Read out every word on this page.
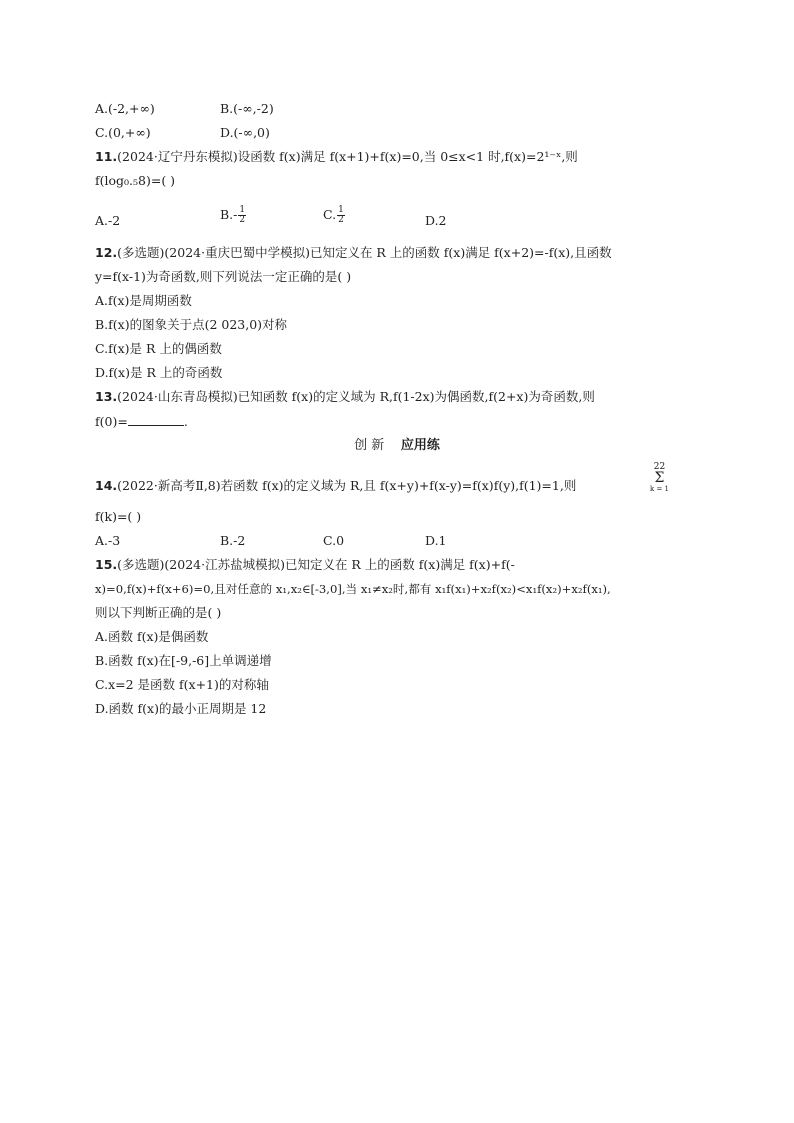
A.(-2,+∞)	B.(-∞,-2)
C.(0,+∞)	D.(-∞,0)
11.(2024·辽宁丹东模拟)设函数 f(x)满足 f(x+1)+f(x)=0,当 0≤x<1 时,f(x)=2¹⁻ˣ,则
f(log₀.₅8)=( )
A.-2	$B.- \frac{1}{2}$	C. $\frac{1}{2}$	D.2
12.(多选题)(2024·重庆巴蜀中学模拟)已知定义在 R 上的函数 f(x)满足 f(x+2)=-f(x),且函数
y=f(x-1)为奇函数,则下列说法一定正确的是( )
A.f(x)是周期函数
B.f(x)的图象关于点(2 023,0)对称
C.f(x)是 R 上的偶函数
D.f(x)是 R 上的奇函数
13.(2024·山东青岛模拟)已知函数 f(x)的定义域为 R,f(1-2x)为偶函数,f(2+x)为奇函数,则
f(0)=	.
创 新 应用练
14.(2022·新高考Ⅱ,8)若函数 f(x)的定义域为 R,且 f(x+y)+f(x-y)=f(x)f(y),f(1)=1,则
22
Σ
k = 1
f(k)=( )
A.-3	B.-2	C.0	D.1
15.(多选题)(2024·江苏盐城模拟)已知定义在 R 上的函数 f(x)满足 f(x)+f(-
x)=0,f(x)+f(x+6)=0,且对任意的 x₁,x₂∈[-3,0],当 x₁≠x₂时,都有 x₁f(x₁)+x₂f(x₂)<x₁f(x₂)+x₂f(x₁),
则以下判断正确的是( )
A.函数 f(x)是偶函数
B.函数 f(x)在[-9,-6]上单调递增
C.x=2 是函数 f(x+1)的对称轴
D.函数 f(x)的最小正周期是 12
